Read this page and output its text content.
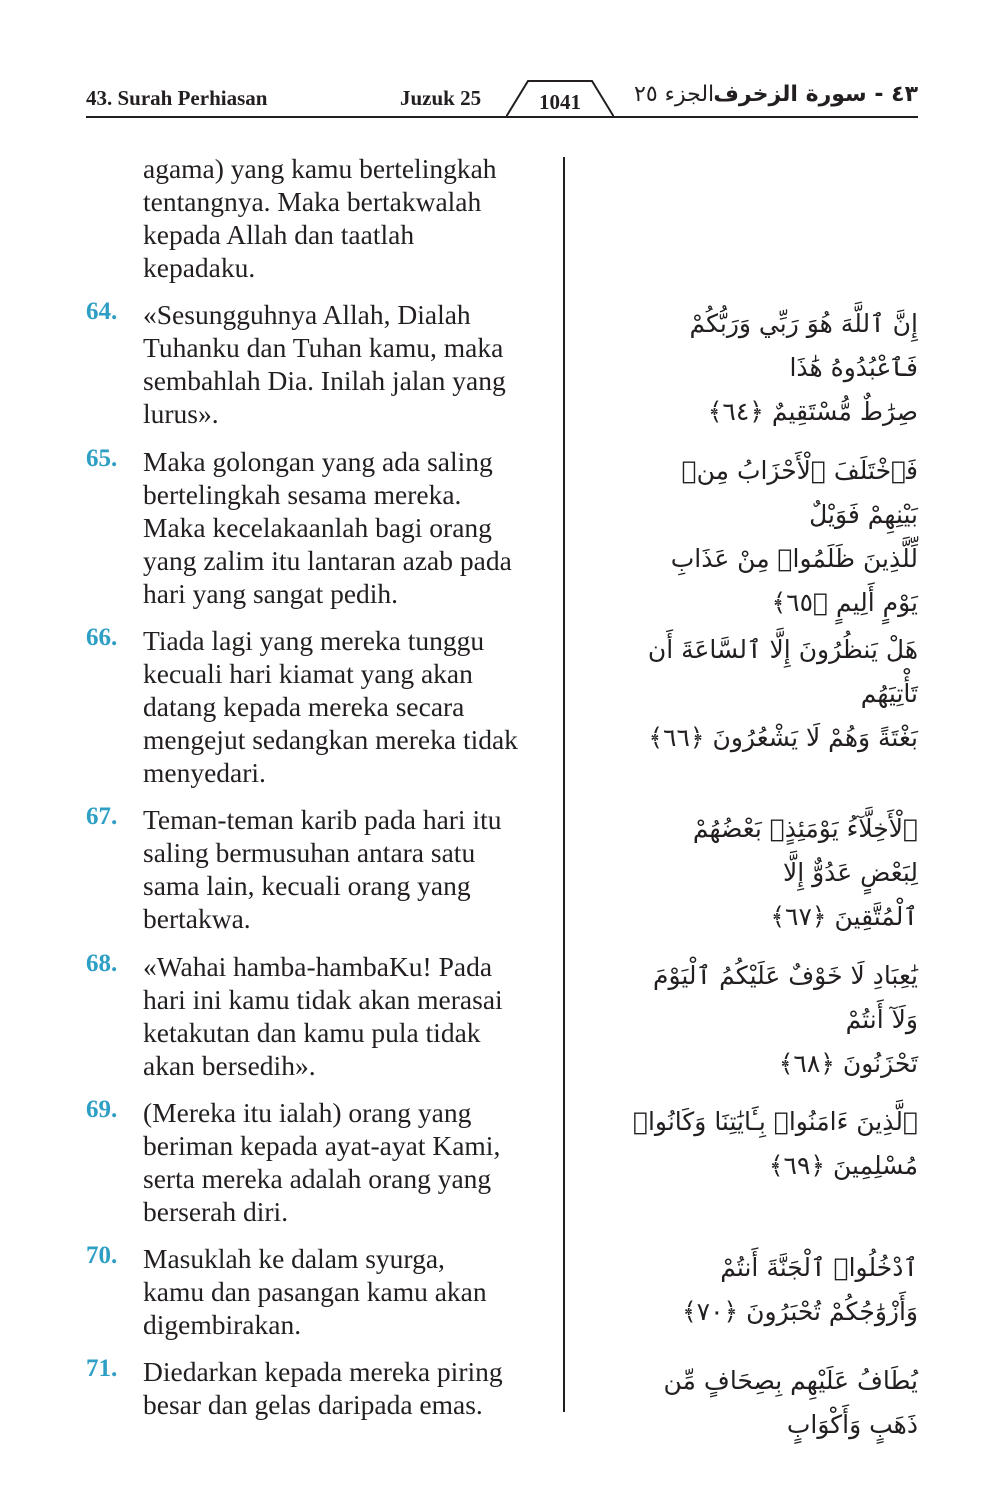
43. Surah Perhiasan	Juzuk 25	1041	الجزء ٢٥ ٤٣ - سورة الزخرف
agama) yang kamu bertelingkah
tentangnya. Maka bertakwalah
kepada Allah dan taatlah
kepadaku.
64. «Sesungguhnya Allah, Dialah
Tuhanku dan Tuhan kamu, maka
sembahlah Dia. Inilah jalan yang
lurus».
إِنَّ ٱللَّهَ هُوَ رَبِّي وَرَبُّكُمْ فَٱعْبُدُوهُ هَٰذَا
صِرَٰطٌ مُّسْتَقِيمٌ ﴿٦٤﴾
65. Maka golongan yang ada saling
bertelingkah sesama mereka.
Maka kecelakaanlah bagi orang
yang zalim itu lantaran azab pada
hari yang sangat pedih.
فَٱخْتَلَفَ ٱلْأَحْزَابُ مِنۢ بَيْنِهِمْ فَوَيْلٌ
لِّلَّذِينَ ظَلَمُوا۟ مِنْ عَذَابِ يَوْمٍ أَلِيمٍ ﴿٦٥﴾
66. Tiada lagi yang mereka tunggu
kecuali hari kiamat yang akan
datang kepada mereka secara
mengejut sedangkan mereka tidak
menyedari.
هَلْ يَنظُرُونَ إِلَّا ٱلسَّاعَةَ أَن تَأْتِيَهُم
بَغْتَةً وَهُمْ لَا يَشْعُرُونَ ﴿٦٦﴾
67. Teman-teman karib pada hari itu
saling bermusuhan antara satu
sama lain, kecuali orang yang
bertakwa.
ٱلْأَخِلَّآءُ يَوْمَئِذٍۭ بَعْضُهُمْ لِبَعْضٍ عَدُوٌّ إِلَّا
ٱلْمُتَّقِينَ ﴿٦٧﴾
68. «Wahai hamba-hambaKu! Pada
hari ini kamu tidak akan merasai
ketakutan dan kamu pula tidak
akan bersedih».
يَٰعِبَادِ لَا خَوْفٌ عَلَيْكُمُ ٱلْيَوْمَ وَلَآ أَنتُمْ
تَحْزَنُونَ ﴿٦٨﴾
69. (Mereka itu ialah) orang yang
beriman kepada ayat-ayat Kami,
serta mereka adalah orang yang
berserah diri.
ٱلَّذِينَ ءَامَنُوا۟ بِـَٔايَٰتِنَا وَكَانُوا۟
مُسْلِمِينَ ﴿٦٩﴾
70. Masuklah ke dalam syurga,
kamu dan pasangan kamu akan
digembirakan.
ٱدْخُلُوا۟ ٱلْجَنَّةَ أَنتُمْ وَأَزْوَٰجُكُمْ تُحْبَرُونَ ﴿٧٠﴾
71. Diedarkan kepada mereka piring
besar dan gelas daripada emas.
يُطَافُ عَلَيْهِم بِصِحَافٍ مِّن ذَهَبٍ وَأَكْوَابٍ
